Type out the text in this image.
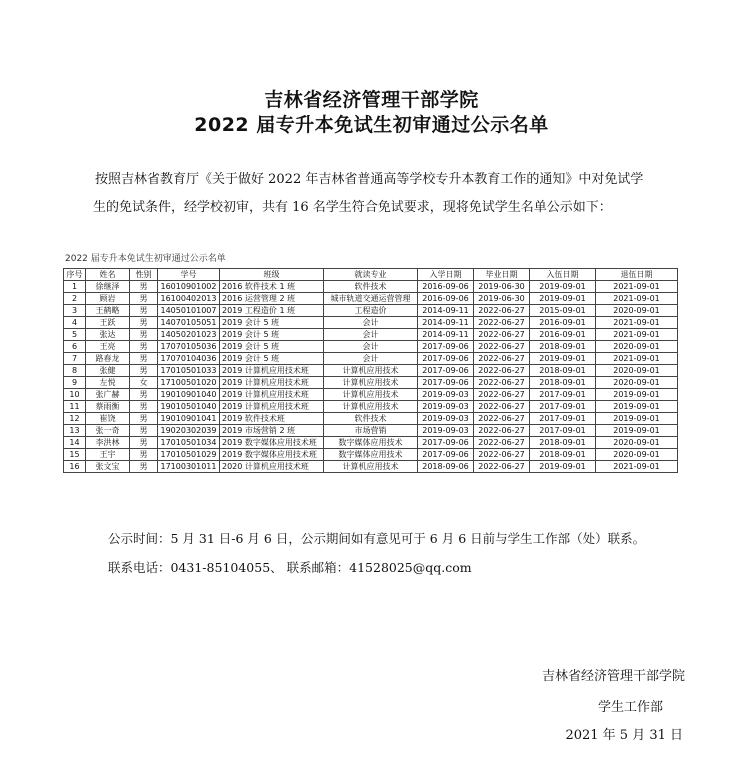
吉林省经济管理干部学院
2022 届专升本免试生初审通过公示名单

按照吉林省教育厅《关于做好 2022 年吉林省普通高等学校专升本教育工作的通知》中对免试学
生的免试条件，经学校初审，共有 16 名学生符合免试要求，现将免试学生名单公示如下：

2022 届专升本免试生初审通过公示名单
序号	姓名	性别	学号	班级	就读专业	入学日期	毕业日期	入伍日期	退伍日期
1	徐继泽	男	16010901002	2016 软件技术 1 班	软件技术	2016-09-06	2019-06-30	2019-09-01	2021-09-01
2	顾岩	男	16100402013	2016 运营管理 2 班	城市轨道交通运营管理	2016-09-06	2019-06-30	2019-09-01	2021-09-01
3	王鹤略	男	14050101007	2019 工程造价 1 班	工程造价	2014-09-11	2022-06-27	2015-09-01	2020-09-01
4	王跃	男	14070105051	2019 会计 5 班	会计	2014-09-11	2022-06-27	2016-09-01	2021-09-01
5	张达	男	14050201023	2019 会计 5 班	会计	2014-09-11	2022-06-27	2016-09-01	2021-09-01
6	王亮	男	17070105036	2019 会计 5 班	会计	2017-09-06	2022-06-27	2018-09-01	2020-09-01
7	路春龙	男	17070104036	2019 会计 5 班	会计	2017-09-06	2022-06-27	2019-09-01	2021-09-01
8	张健	男	17010501033	2019 计算机应用技术班	计算机应用技术	2017-09-06	2022-06-27	2018-09-01	2020-09-01
9	左悦	女	17100501020	2019 计算机应用技术班	计算机应用技术	2017-09-06	2022-06-27	2018-09-01	2020-09-01
10	张广赫	男	19010901040	2019 计算机应用技术班	计算机应用技术	2019-09-03	2022-06-27	2017-09-01	2019-09-01
11	蔡雨衡	男	19010501040	2019 计算机应用技术班	计算机应用技术	2019-09-03	2022-06-27	2017-09-01	2019-09-01
12	崔饶	男	19010901041	2019 软件技术班	软件技术	2019-09-03	2022-06-27	2017-09-01	2019-09-01
13	张一奇	男	19020302039	2019 市场营销 2 班	市场营销	2019-09-03	2022-06-27	2017-09-01	2019-09-01
14	李洪林	男	17010501034	2019 数字媒体应用技术班	数字媒体应用技术	2017-09-06	2022-06-27	2018-09-01	2020-09-01
15	王宇	男	17010501029	2019 数字媒体应用技术班	数字媒体应用技术	2017-09-06	2022-06-27	2018-09-01	2020-09-01
16	张文宝	男	17100301011	2020 计算机应用技术班	计算机应用技术	2018-09-06	2022-06-27	2019-09-01	2021-09-01
公示时间：5 月 31 日-6 月 6 日，公示期间如有意见可于 6 月 6 日前与学生工作部（处）联系。
联系电话：0431-85104055、 联系邮箱：41528025@qq.com
吉林省经济管理干部学院
学生工作部
2021 年 5 月 31 日
